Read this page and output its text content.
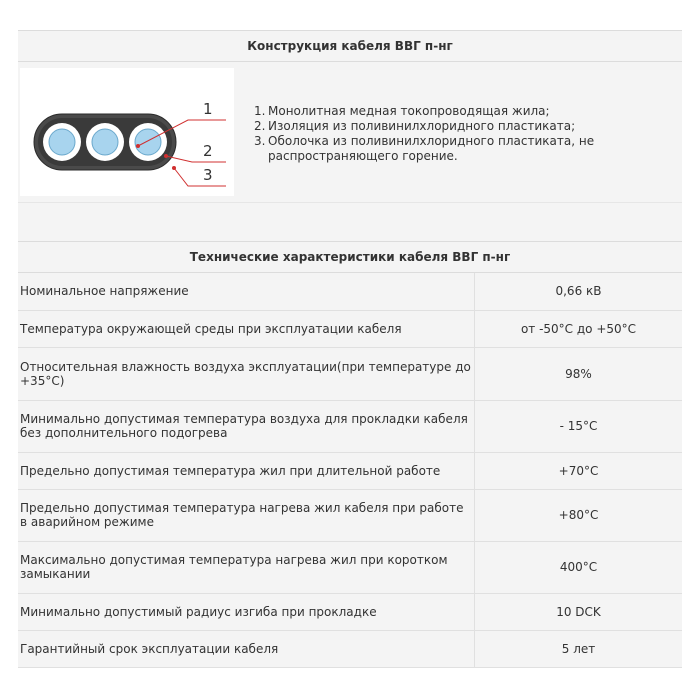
Конструкция кабеля ВВГ п-нг
1
2
3
1. Монолитная медная токопроводящая жила;
2. Изоляция из поливинилхлоридного пластиката;
3. Оболочка из поливинилхлоридного пластиката, не распространяющего горение.
Технические характеристики кабеля ВВГ п-нг
Номинальное напряжение	0,66 кВ
Температура окружающей среды при эксплуатации кабеля	от -50°С до +50°С
Относительная влажность воздуха эксплуатации(при температуре до +35°С)	98%
Минимально допустимая температура воздуха для прокладки кабеля без дополнительного подогрева	- 15°С
Предельно допустимая температура жил при длительной работе	+70°С
Предельно допустимая температура нагрева жил кабеля при работе в аварийном режиме	+80°С
Максимально допустимая температура нагрева жил при коротком замыкании	400°С
Минимально допустимый радиус изгиба при прокладке	10 DCK
Гарантийный срок эксплуатации кабеля	5 лет
